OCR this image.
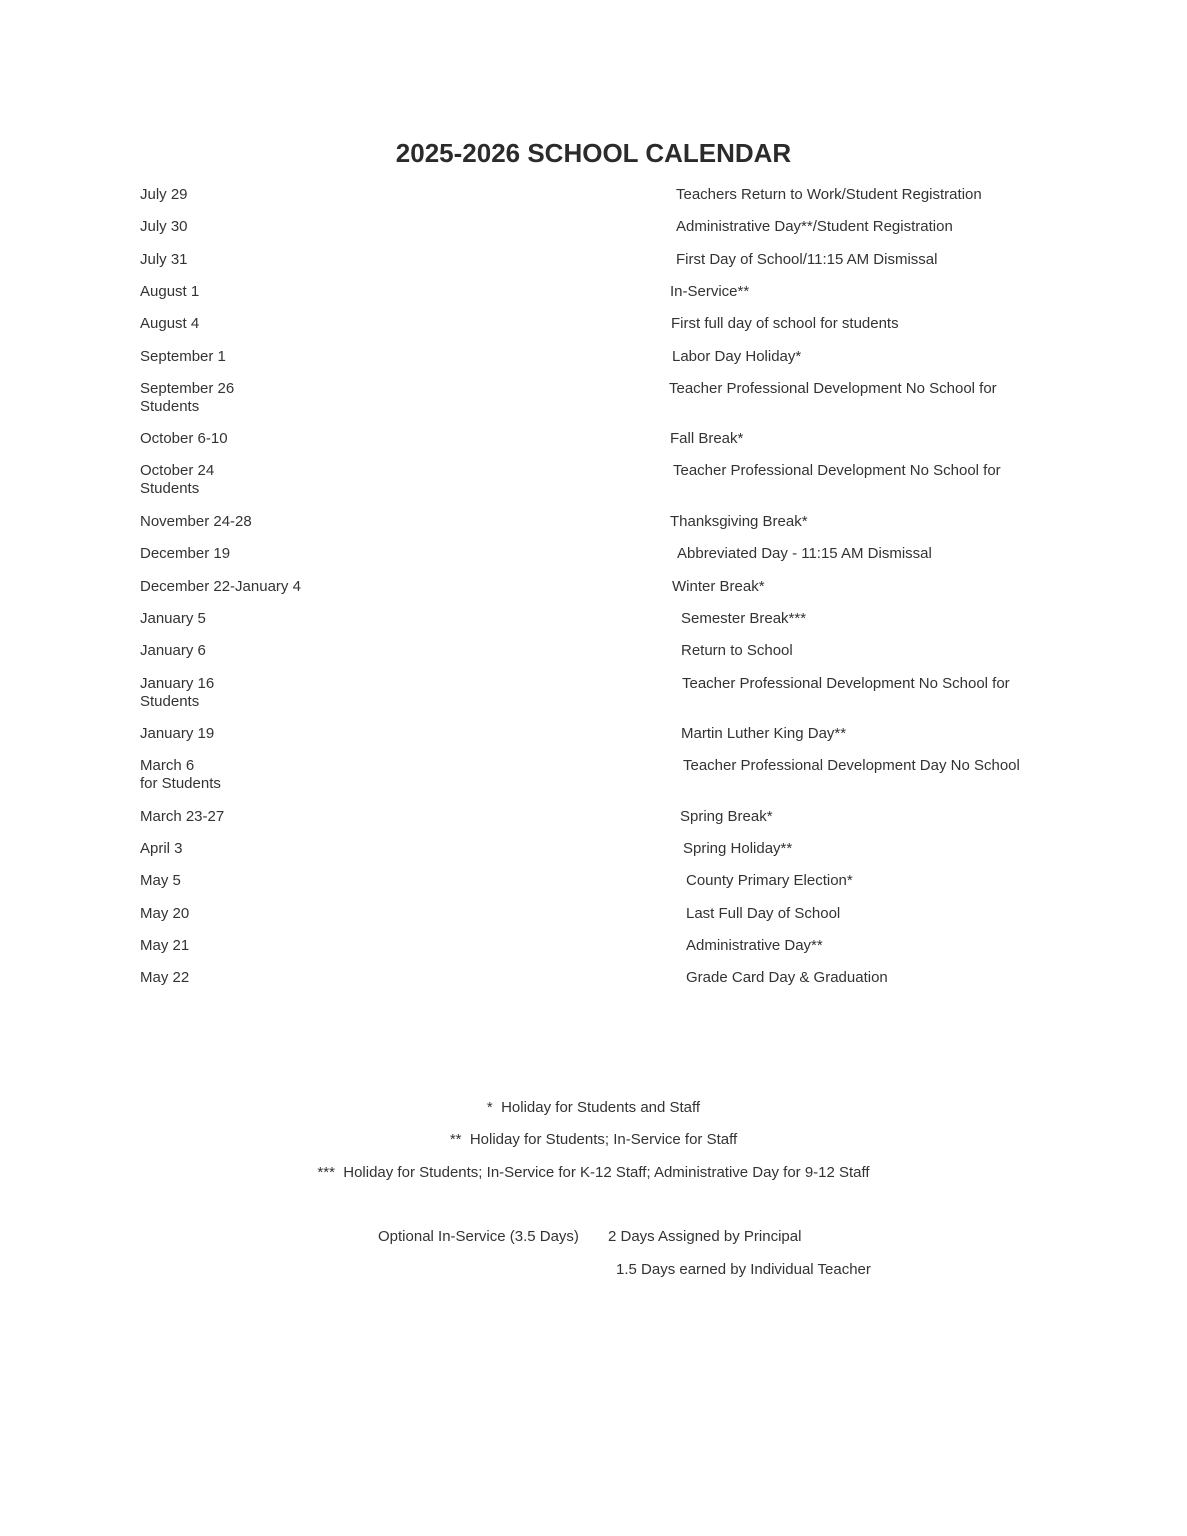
2025-2026 SCHOOL CALENDAR
July 29	Teachers Return to Work/Student Registration
July 30	Administrative Day**/Student Registration
July 31	First Day of School/11:15 AM Dismissal
August 1	In-Service**
August 4	First full day of school for students
September 1	Labor Day Holiday*
September 26	Teacher Professional Development No School for
Students
October 6-10	Fall Break*
October 24	Teacher Professional Development No School for
Students
November 24-28	Thanksgiving Break*
December 19	Abbreviated Day - 11:15 AM Dismissal
December 22-January 4	Winter Break*
January 5	Semester Break***
January 6	Return to School
January 16	Teacher Professional Development No School for
Students
January 19	Martin Luther King Day**
March 6	Teacher Professional Development Day No School
for Students
March 23-27	Spring Break*
April 3	Spring Holiday**
May 5	County Primary Election*
May 20	Last Full Day of School
May 21	Administrative Day**
May 22	Grade Card Day & Graduation
*  Holiday for Students and Staff
**  Holiday for Students; In-Service for Staff
***  Holiday for Students; In-Service for K-12 Staff; Administrative Day for 9-12 Staff
Optional In-Service (3.5 Days) 2 Days Assigned by Principal
1.5 Days earned by Individual Teacher
